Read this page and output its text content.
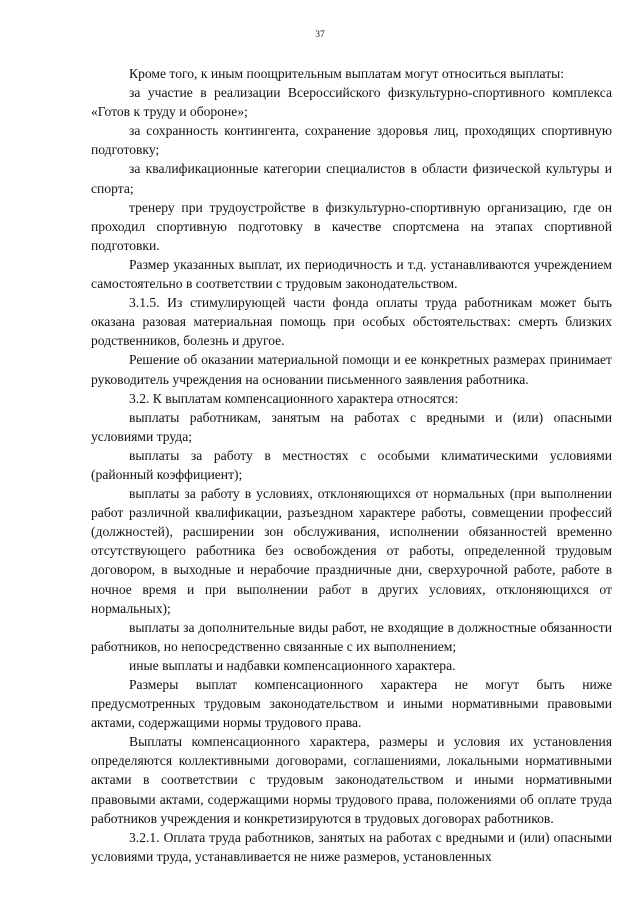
37

Кроме того, к иным поощрительным выплатам могут относиться выплаты:

за участие в реализации Всероссийского физкультурно-спортивного комплекса «Готов к труду и обороне»;

за сохранность контингента, сохранение здоровья лиц, проходящих спортивную подготовку;

за квалификационные категории специалистов в области физической культуры и спорта;

тренеру при трудоустройстве в физкультурно-спортивную организацию, где он проходил спортивную подготовку в качестве спортсмена на этапах спортивной подготовки.

Размер указанных выплат, их периодичность и т.д. устанавливаются учреждением самостоятельно в соответствии с трудовым законодательством.

3.1.5. Из стимулирующей части фонда оплаты труда работникам может быть оказана разовая материальная помощь при особых обстоятельствах: смерть близких родственников, болезнь и другое.

Решение об оказании материальной помощи и ее конкретных размерах принимает руководитель учреждения на основании письменного заявления работника.

3.2. К выплатам компенсационного характера относятся:

выплаты работникам, занятым на работах с вредными и (или) опасными условиями труда;

выплаты за работу в местностях с особыми климатическими условиями (районный коэффициент);

выплаты за работу в условиях, отклоняющихся от нормальных (при выполнении работ различной квалификации, разъездном характере работы, совмещении профессий (должностей), расширении зон обслуживания, исполнении обязанностей временно отсутствующего работника без освобождения от работы, определенной трудовым договором, в выходные и нерабочие праздничные дни, сверхурочной работе, работе в ночное время и при выполнении работ в других условиях, отклоняющихся от нормальных);

выплаты за дополнительные виды работ, не входящие в должностные обязанности работников, но непосредственно связанные с их выполнением;

иные выплаты и надбавки компенсационного характера.

Размеры выплат компенсационного характера не могут быть ниже предусмотренных трудовым законодательством и иными нормативными правовыми актами, содержащими нормы трудового права.

Выплаты компенсационного характера, размеры и условия их установления определяются коллективными договорами, соглашениями, локальными нормативными актами в соответствии с трудовым законодательством и иными нормативными правовыми актами, содержащими нормы трудового права, положениями об оплате труда работников учреждения и конкретизируются в трудовых договорах работников.

3.2.1. Оплата труда работников, занятых на работах с вредными и (или) опасными условиями труда, устанавливается не ниже размеров, установленных
